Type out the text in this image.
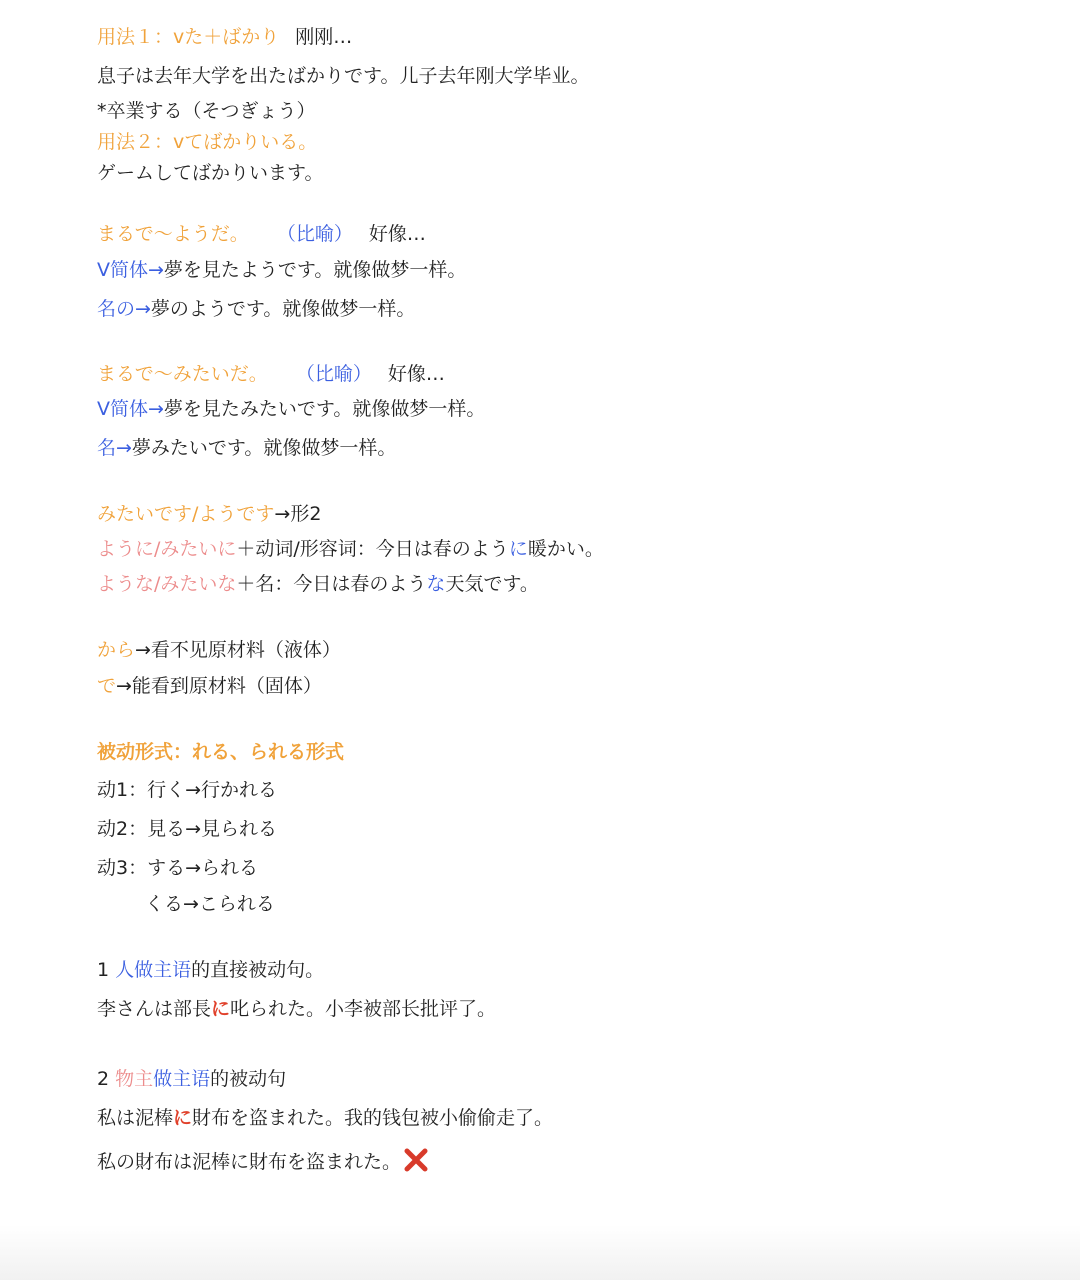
用法１：vた＋ばかり 刚刚…
息子は去年大学を出たばかりです。儿子去年刚大学毕业。
*卒業する（そつぎょう）
用法２：vてばかりいる。
ゲームしてばかりいます。
まるで〜ようだ。 （比喻） 好像…
V简体→夢を見たようです。就像做梦一样。
名の→夢のようです。就像做梦一样。
まるで〜みたいだ。 （比喻） 好像…
V简体→夢を見たみたいです。就像做梦一样。
名→夢みたいです。就像做梦一样。
みたいです/ようです→形2
ように/みたいに＋动词/形容词：今日は春のように暖かい。
ような/みたいな＋名：今日は春のような天気です。
から→看不见原材料（液体）
で→能看到原材料（固体）
被动形式：れる、られる形式
动1：行く→行かれる
动2：見る→見られる
动3：する→られる
くる→こられる
1 人做主语的直接被动句。
李さんは部長に叱られた。小李被部长批评了。
2 物主做主语的被动句
私は泥棒に財布を盗まれた。我的钱包被小偷偷走了。
私の財布は泥棒に財布を盗まれた。
